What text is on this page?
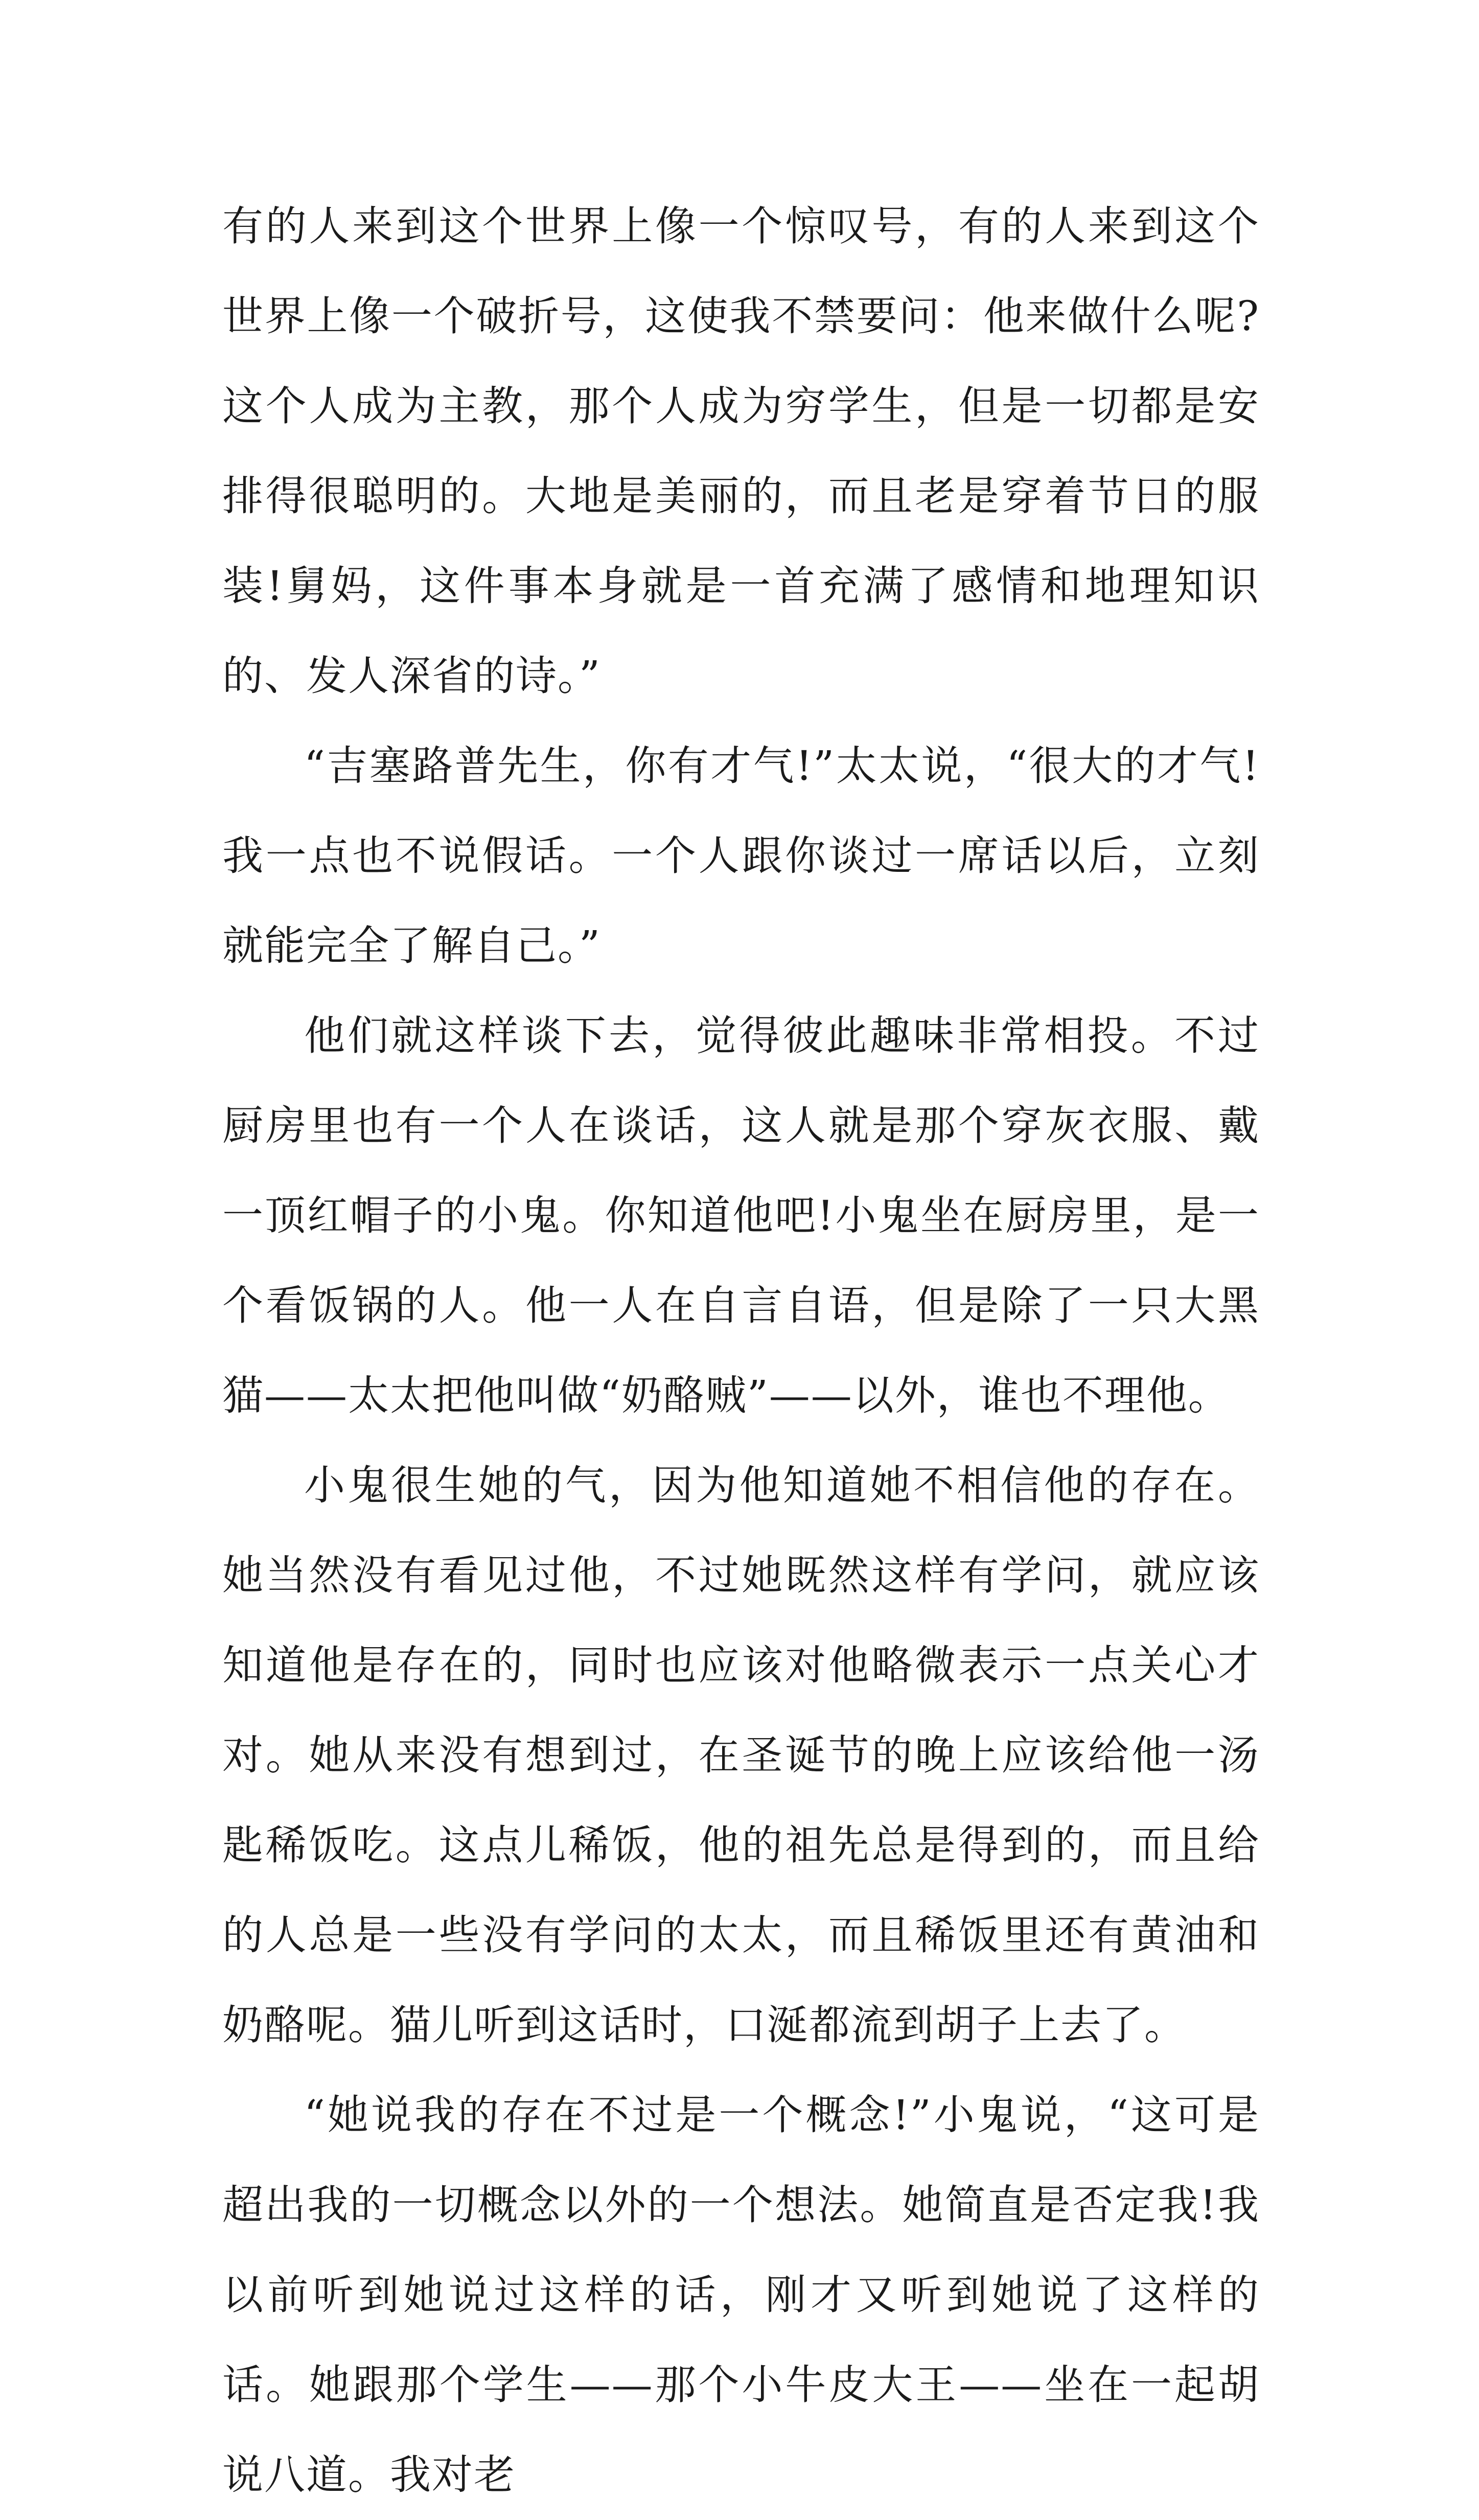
有的人来到这个世界上像一个惊叹号，有的人来到这个世界上像一个破折号，这使我不禁要问：他来做什么呢?这个人成为主教，那个人成为穷学生，但是一切都是安排得很聪明的。大地是美丽的，而且老是穿着节日的服装!舅妈，这件事本身就是一首充满了感情和地理知识的、发人深省的诗。”

“吉塞路普先生，你有才气!”太太说，“很大的才气!我一点也不说假话。一个人跟你谈过一席话以后，立刻就能完全了解自己。”

他们就这样谈下去，觉得彼此趣味非常相投。不过厨房里也有一个人在谈话，这人就是那个穿灰衣服、戴一顶红帽子的小鬼。你知道他吧!小鬼坐在厨房里，是一个看饭锅的人。他一人在自言自语，但是除了一只大黑猫——太太把他叫做“奶酪贼”——以外，谁也不理他。

小鬼很生她的气，因为他知道她不相信他的存在。她当然没有看见过他，不过她既然这样有学问，就应该知道他是存在的，同时也应该对他略微表示一点关心才对。她从来没有想到过，在圣诞节的晚上应该给他一汤匙稀饭吃。这点儿稀饭，他的祖先总是得到的，而且给的人总是一些没有学问的太太，而且稀饭里还有黄油和奶酪呢。猫儿听到这话时，口涎都流到胡子上去了。

“她说我的存在不过是一个概念!”小鬼说，“这可是超出我的一切概念以外的一个想法。她简直是否定我!我以前听到她说过这样的话，刚才又听到她说了这样的话。她跟那个学生——那个小牛皮大王——坐在一起胡说八道。我对老
